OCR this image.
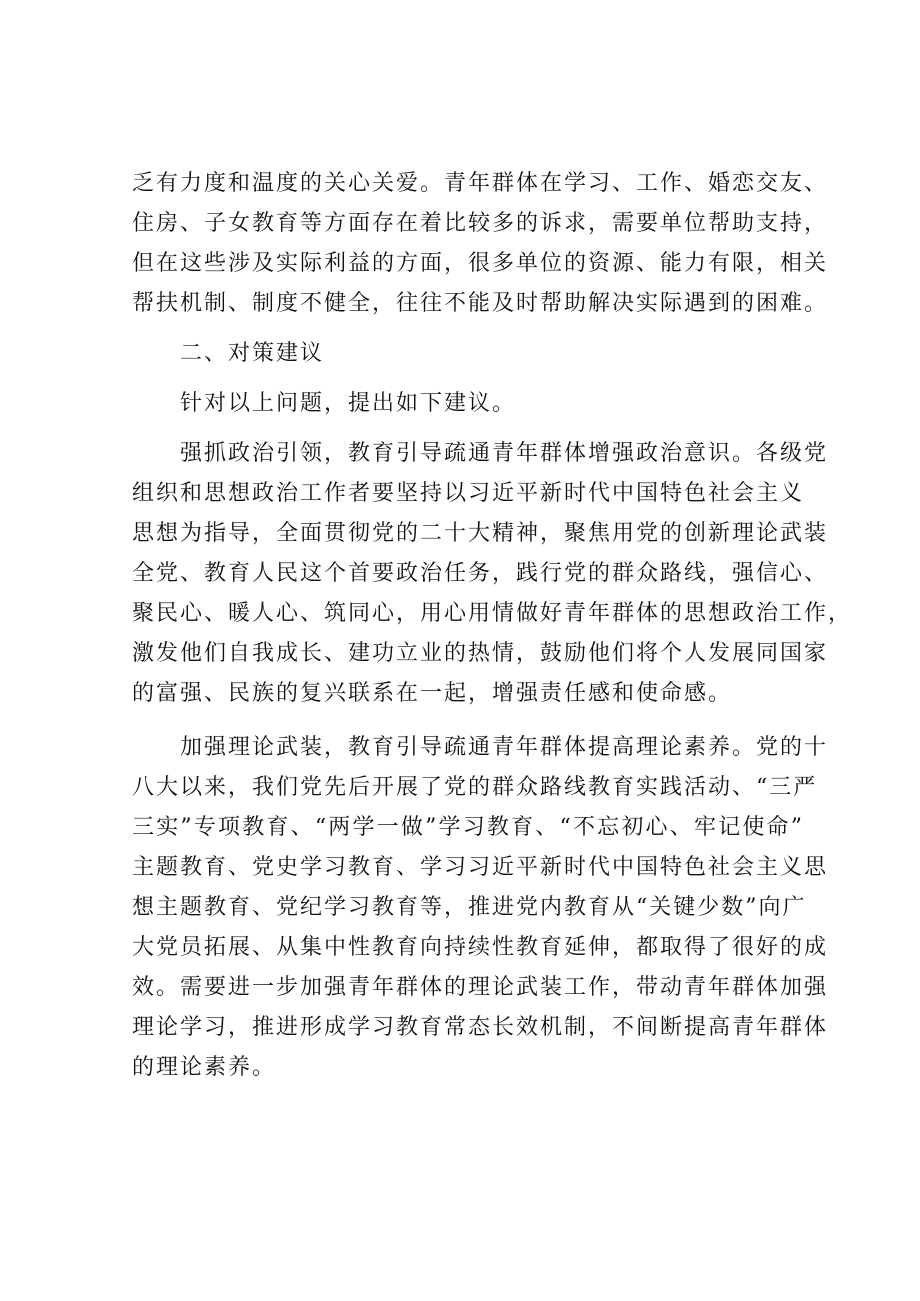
乏有力度和温度的关心关爱。青年群体在学习、工作、婚恋交友、
住房、子女教育等方面存在着比较多的诉求，需要单位帮助支持，
但在这些涉及实际利益的方面，很多单位的资源、能力有限，相关
帮扶机制、制度不健全，往往不能及时帮助解决实际遇到的困难。
二、对策建议
针对以上问题，提出如下建议。
强抓政治引领，教育引导疏通青年群体增强政治意识。各级党
组织和思想政治工作者要坚持以习近平新时代中国特色社会主义
思想为指导，全面贯彻党的二十大精神，聚焦用党的创新理论武装
全党、教育人民这个首要政治任务，践行党的群众路线，强信心、
聚民心、暖人心、筑同心，用心用情做好青年群体的思想政治工作，
激发他们自我成长、建功立业的热情，鼓励他们将个人发展同国家
的富强、民族的复兴联系在一起，增强责任感和使命感。
加强理论武装，教育引导疏通青年群体提高理论素养。党的十
八大以来，我们党先后开展了党的群众路线教育实践活动、“三严
三实”专项教育、“两学一做”学习教育、“不忘初心、牢记使命”
主题教育、党史学习教育、学习习近平新时代中国特色社会主义思
想主题教育、党纪学习教育等，推进党内教育从“关键少数”向广
大党员拓展、从集中性教育向持续性教育延伸，都取得了很好的成
效。需要进一步加强青年群体的理论武装工作，带动青年群体加强
理论学习，推进形成学习教育常态长效机制，不间断提高青年群体
的理论素养。
